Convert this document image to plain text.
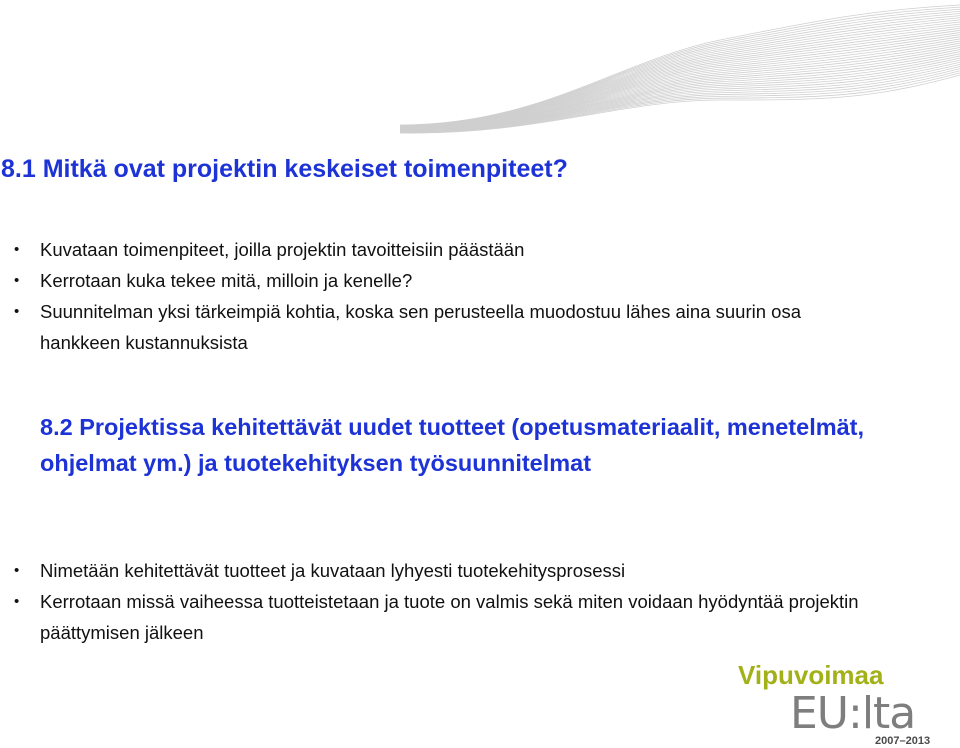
8.1 Mitkä ovat projektin keskeiset toimenpiteet?
• Kuvataan toimenpiteet, joilla projektin tavoitteisiin päästään
• Kerrotaan kuka tekee mitä, milloin ja kenelle?
• Suunnitelman yksi tärkeimpiä kohtia, koska sen perusteella muodostuu lähes aina suurin osa hankkeen kustannuksista
8.2 Projektissa kehitettävät uudet tuotteet (opetusmateriaalit, menetelmät, ohjelmat ym.) ja tuotekehityksen työsuunnitelmat
• Nimetään kehitettävät tuotteet ja kuvataan lyhyesti tuotekehitysprosessi
• Kerrotaan missä vaiheessa tuotteistetaan ja tuote on valmis sekä miten voidaan hyödyntää projektin päättymisen jälkeen
Vipuvoimaa
EU:lta
2007–2013
